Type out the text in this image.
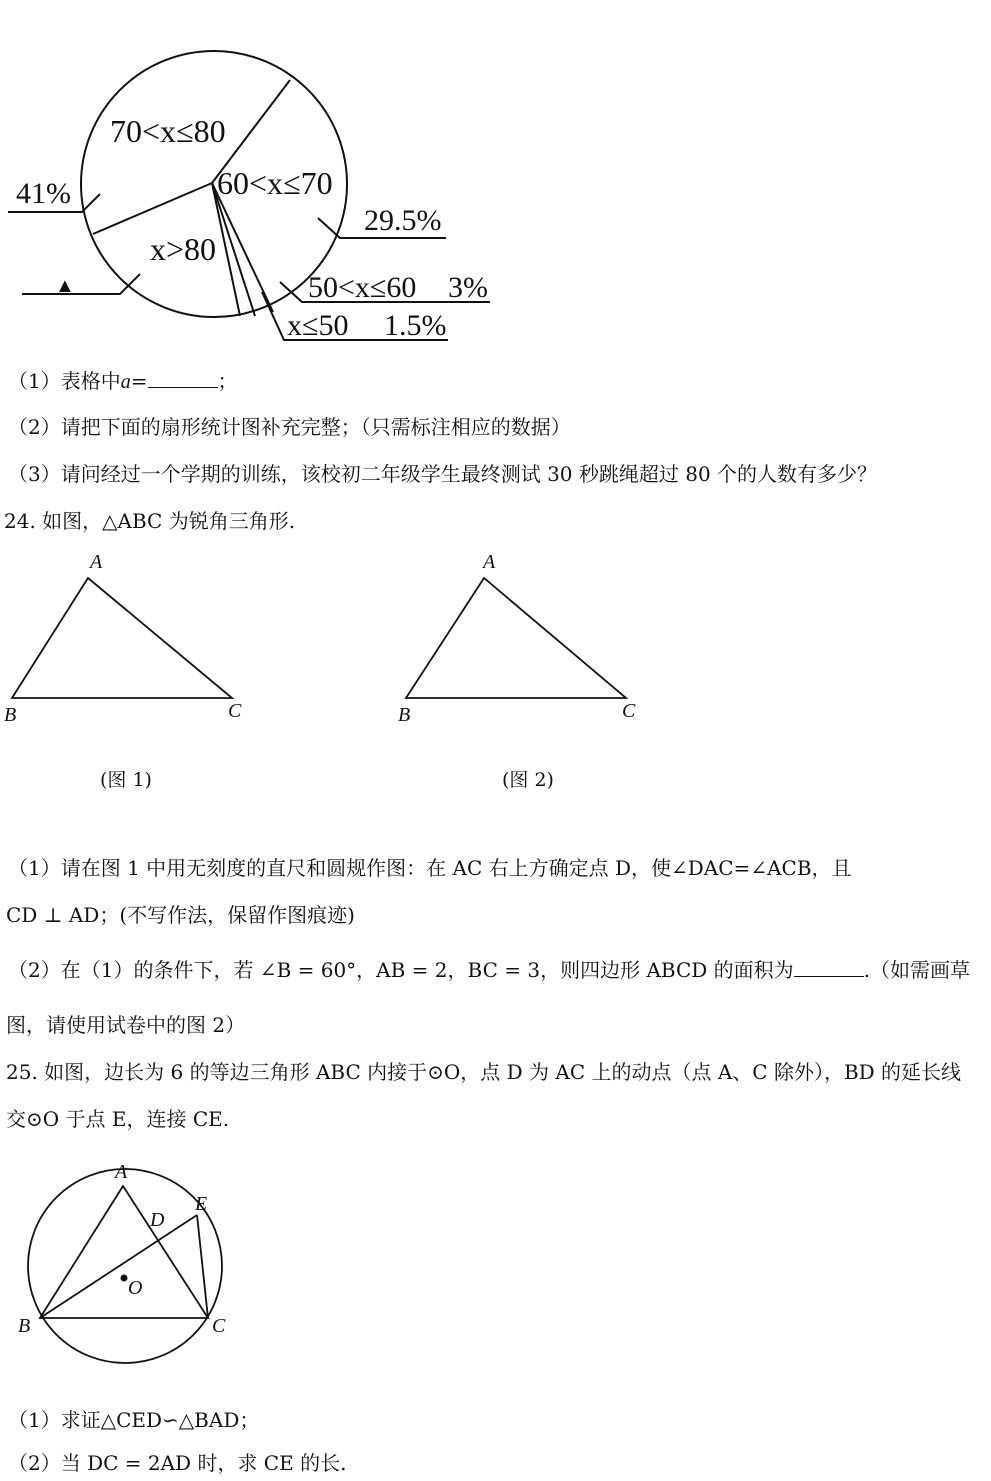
70<x≤80
60<x≤70
x>80
50<x≤60
x≤50
41%
29.5%
▲	3%
1.5%
（1）表格中a=	；
（2）请把下面的扇形统计图补充完整；（只需标注相应的数据）
（3）请问经过一个学期的训练，该校初二年级学生最终测试 30 秒跳绳超过 80 个的人数有多少？
24. 如图，△ABC 为锐角三角形.
A
B	C
A
B	C
(图 1)	(图 2)
（1）请在图 1 中用无刻度的直尺和圆规作图：在 AC 右上方确定点 D，使∠DAC=∠ACB，且
CD ⊥ AD；(不写作法，保留作图痕迹)
（2）在（1）的条件下，若 ∠B = 60°，AB = 2，BC = 3，则四边形 ABCD 的面积为	.（如需画草
图，请使用试卷中的图 2）
25. 如图，边长为 6 的等边三角形 ABC 内接于⊙O，点 D 为 AC 上的动点（点 A、C 除外），BD 的延长线
交⊙O 于点 E，连接 CE.
A
B	C
D
E
O
（1）求证△CED∽△BAD；
（2）当 DC = 2AD 时，求 CE 的长.
